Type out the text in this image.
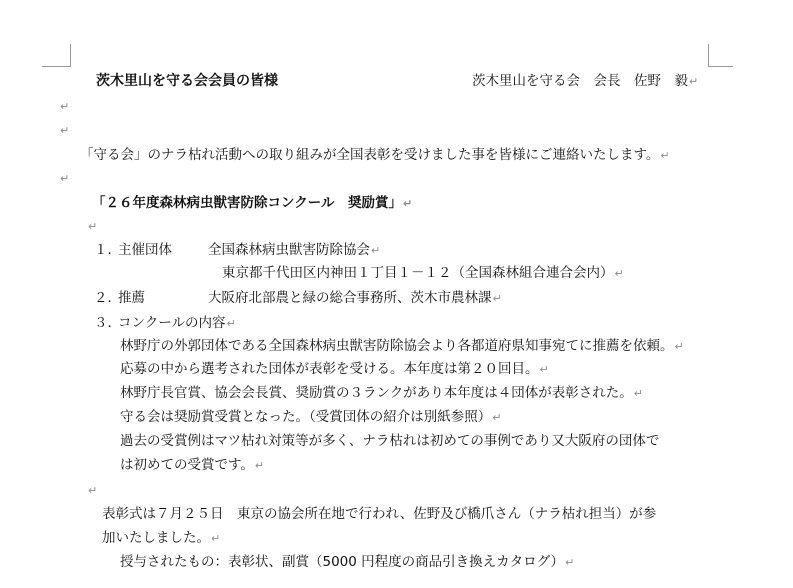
茨木里山を守る会会員の皆様	茨木里山を守る会　会長　佐野　毅↵
↵
↵
「守る会」のナラ枯れ活動への取り組みが全国表彰を受けました事を皆様にご連絡いたします。↵
↵
「２６年度森林病虫獣害防除コンクール　奨励賞」↵
↵
１．主催団体	全国森林病虫獣害防除協会↵
東京都千代田区内神田１丁目１－１２（全国森林組合連合会内）↵
２．推薦	大阪府北部農と緑の総合事務所、茨木市農林課↵
３．コンクールの内容↵
林野庁の外郭団体である全国森林病虫獣害防除協会より各都道府県知事宛てに推薦を依頼。↵
応募の中から選考された団体が表彰を受ける。本年度は第２０回目。↵
林野庁長官賞、協会会長賞、奨励賞の３ランクがあり本年度は４団体が表彰された。↵
守る会は奨励賞受賞となった。（受賞団体の紹介は別紙参照）↵
過去の受賞例はマツ枯れ対策等が多く、ナラ枯れは初めての事例であり又大阪府の団体で
は初めての受賞です。↵
↵
表彰式は７月２５日　東京の協会所在地で行われ、佐野及び橋爪さん（ナラ枯れ担当）が参
加いたしました。↵
授与されたもの：表彰状、副賞（5000 円程度の商品引き換えカタログ）↵
